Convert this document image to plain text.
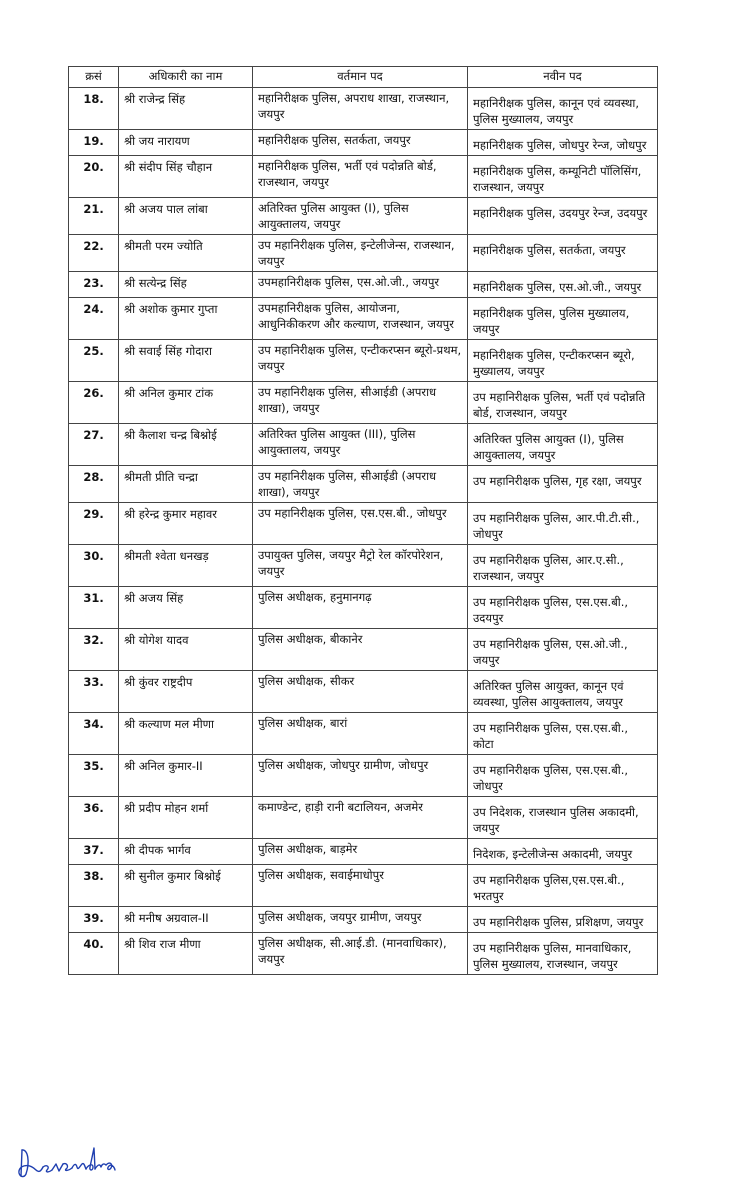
क्रसं	अधिकारी का नाम	वर्तमान पद	नवीन पद
18.	श्री राजेन्द्र सिंह	महानिरीक्षक पुलिस, अपराध शाखा, राजस्थान, जयपुर	महानिरीक्षक पुलिस, कानून एवं व्यवस्था, पुलिस मुख्यालय, जयपुर
19.	श्री जय नारायण	महानिरीक्षक पुलिस, सतर्कता, जयपुर	महानिरीक्षक पुलिस, जोधपुर रेन्ज, जोधपुर
20.	श्री संदीप सिंह चौहान	महानिरीक्षक पुलिस, भर्ती एवं पदोन्नति बोर्ड, राजस्थान, जयपुर	महानिरीक्षक पुलिस, कम्यूनिटी पॉलिसिंग, राजस्थान, जयपुर
21.	श्री अजय पाल लांबा	अतिरिक्त पुलिस आयुक्त (I), पुलिस आयुक्तालय, जयपुर	महानिरीक्षक पुलिस, उदयपुर रेन्ज, उदयपुर
22.	श्रीमती परम ज्योति	उप महानिरीक्षक पुलिस, इन्टेलीजेन्स, राजस्थान, जयपुर	महानिरीक्षक पुलिस, सतर्कता, जयपुर
23.	श्री सत्येन्द्र सिंह	उपमहानिरीक्षक पुलिस, एस.ओ.जी., जयपुर	महानिरीक्षक पुलिस, एस.ओ.जी., जयपुर
24.	श्री अशोक कुमार गुप्ता	उपमहानिरीक्षक पुलिस, आयोजना, आधुनिकीकरण और कल्याण, राजस्थान, जयपुर	महानिरीक्षक पुलिस, पुलिस मुख्यालय, जयपुर
25.	श्री सवाई सिंह गोदारा	उप महानिरीक्षक पुलिस, एन्टीकरप्सन ब्यूरो-प्रथम, जयपुर	महानिरीक्षक पुलिस, एन्टीकरप्सन ब्यूरो, मुख्यालय, जयपुर
26.	श्री अनिल कुमार टांक	उप महानिरीक्षक पुलिस, सीआईडी (अपराध शाखा), जयपुर	उप महानिरीक्षक पुलिस, भर्ती एवं पदोन्नति बोर्ड, राजस्थान, जयपुर
27.	श्री कैलाश चन्द्र बिश्नोई	अतिरिक्त पुलिस आयुक्त (III), पुलिस आयुक्तालय, जयपुर	अतिरिक्त पुलिस आयुक्त (I), पुलिस आयुक्तालय, जयपुर
28.	श्रीमती प्रीति चन्द्रा	उप महानिरीक्षक पुलिस, सीआईडी (अपराध शाखा), जयपुर	उप महानिरीक्षक पुलिस, गृह रक्षा, जयपुर
29.	श्री हरेन्द्र कुमार महावर	उप महानिरीक्षक पुलिस, एस.एस.बी., जोधपुर	उप महानिरीक्षक पुलिस, आर.पी.टी.सी., जोधपुर
30.	श्रीमती श्वेता धनखड़	उपायुक्त पुलिस, जयपुर मैट्रो रेल कॉरपोरेशन, जयपुर	उप महानिरीक्षक पुलिस, आर.ए.सी., राजस्थान, जयपुर
31.	श्री अजय सिंह	पुलिस अधीक्षक, हनुमानगढ़	उप महानिरीक्षक पुलिस, एस.एस.बी., उदयपुर
32.	श्री योगेश यादव	पुलिस अधीक्षक, बीकानेर	उप महानिरीक्षक पुलिस, एस.ओ.जी., जयपुर
33.	श्री कुंवर राष्ट्रदीप	पुलिस अधीक्षक, सीकर	अतिरिक्त पुलिस आयुक्त, कानून एवं व्यवस्था, पुलिस आयुक्तालय, जयपुर
34.	श्री कल्याण मल मीणा	पुलिस अधीक्षक, बारां	उप महानिरीक्षक पुलिस, एस.एस.बी., कोटा
35.	श्री अनिल कुमार-II	पुलिस अधीक्षक, जोधपुर ग्रामीण, जोधपुर	उप महानिरीक्षक पुलिस, एस.एस.बी., जोधपुर
36.	श्री प्रदीप मोहन शर्मा	कमाण्डेन्ट, हाड़ी रानी बटालियन, अजमेर	उप निदेशक, राजस्थान पुलिस अकादमी, जयपुर
37.	श्री दीपक भार्गव	पुलिस अधीक्षक, बाड़मेर	निदेशक, इन्टेलीजेन्स अकादमी, जयपुर
38.	श्री सुनील कुमार बिश्नोई	पुलिस अधीक्षक, सवाईमाधोपुर	उप महानिरीक्षक पुलिस,एस.एस.बी., भरतपुर
39.	श्री मनीष अग्रवाल-II	पुलिस अधीक्षक, जयपुर ग्रामीण, जयपुर	उप महानिरीक्षक पुलिस, प्रशिक्षण, जयपुर
40.	श्री शिव राज मीणा	पुलिस अधीक्षक, सी.आई.डी. (मानवाधिकार), जयपुर	उप महानिरीक्षक पुलिस, मानवाधिकार, पुलिस मुख्यालय, राजस्थान, जयपुर
